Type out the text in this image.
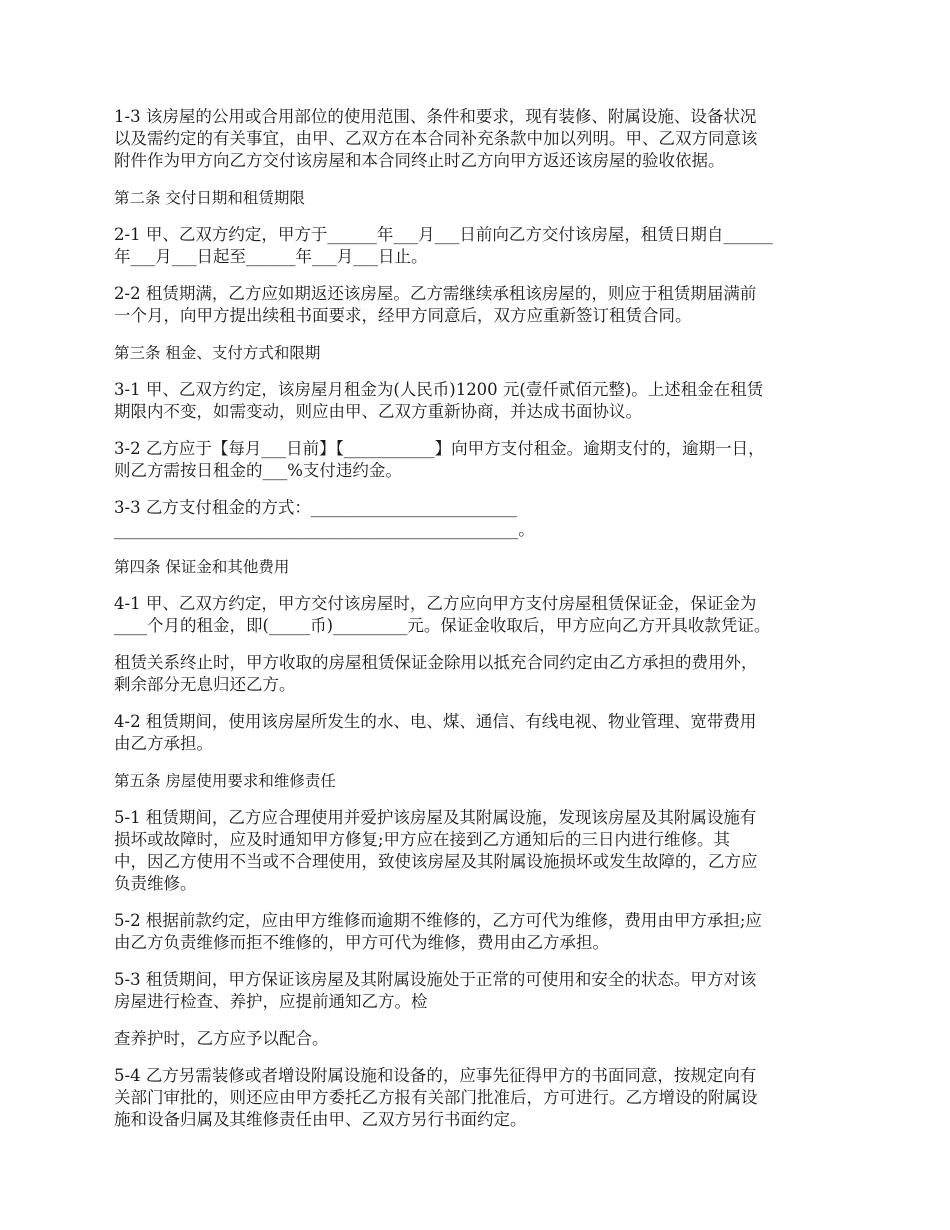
1-3 该房屋的公用或合用部位的使用范围、条件和要求，现有装修、附属设施、设备状况
以及需约定的有关事宜，由甲、乙双方在本合同补充条款中加以列明。甲、乙双方同意该
附件作为甲方向乙方交付该房屋和本合同终止时乙方向甲方返还该房屋的验收依据。

第二条 交付日期和租赁期限

2-1 甲、乙双方约定，甲方于______年___月___日前向乙方交付该房屋，租赁日期自______
年___月___日起至______年___月___日止。

2-2 租赁期满，乙方应如期返还该房屋。乙方需继续承租该房屋的，则应于租赁期届满前
一个月，向甲方提出续租书面要求，经甲方同意后，双方应重新签订租赁合同。

第三条 租金、支付方式和限期

3-1 甲、乙双方约定，该房屋月租金为(人民币)1200 元(壹仟贰佰元整)。上述租金在租赁
期限内不变，如需变动，则应由甲、乙双方重新协商，并达成书面协议。

3-2 乙方应于【每月___日前】【___________】向甲方支付租金。逾期支付的，逾期一日，
则乙方需按日租金的___%支付违约金。

3-3 乙方支付租金的方式：_________________________
_________________________________________________。

第四条 保证金和其他费用

4-1 甲、乙双方约定，甲方交付该房屋时，乙方应向甲方支付房屋租赁保证金，保证金为
____个月的租金，即(_____币)_________元。保证金收取后，甲方应向乙方开具收款凭证。

租赁关系终止时，甲方收取的房屋租赁保证金除用以抵充合同约定由乙方承担的费用外，
剩余部分无息归还乙方。

4-2 租赁期间，使用该房屋所发生的水、电、煤、通信、有线电视、物业管理、宽带费用
由乙方承担。

第五条 房屋使用要求和维修责任

5-1 租赁期间，乙方应合理使用并爱护该房屋及其附属设施，发现该房屋及其附属设施有
损坏或故障时，应及时通知甲方修复;甲方应在接到乙方通知后的三日内进行维修。其
中，因乙方使用不当或不合理使用，致使该房屋及其附属设施损坏或发生故障的，乙方应
负责维修。

5-2 根据前款约定，应由甲方维修而逾期不维修的，乙方可代为维修，费用由甲方承担;应
由乙方负责维修而拒不维修的，甲方可代为维修，费用由乙方承担。

5-3 租赁期间，甲方保证该房屋及其附属设施处于正常的可使用和安全的状态。甲方对该
房屋进行检查、养护，应提前通知乙方。检

查养护时，乙方应予以配合。

5-4 乙方另需装修或者增设附属设施和设备的，应事先征得甲方的书面同意，按规定向有
关部门审批的，则还应由甲方委托乙方报有关部门批准后，方可进行。乙方增设的附属设
施和设备归属及其维修责任由甲、乙双方另行书面约定。
